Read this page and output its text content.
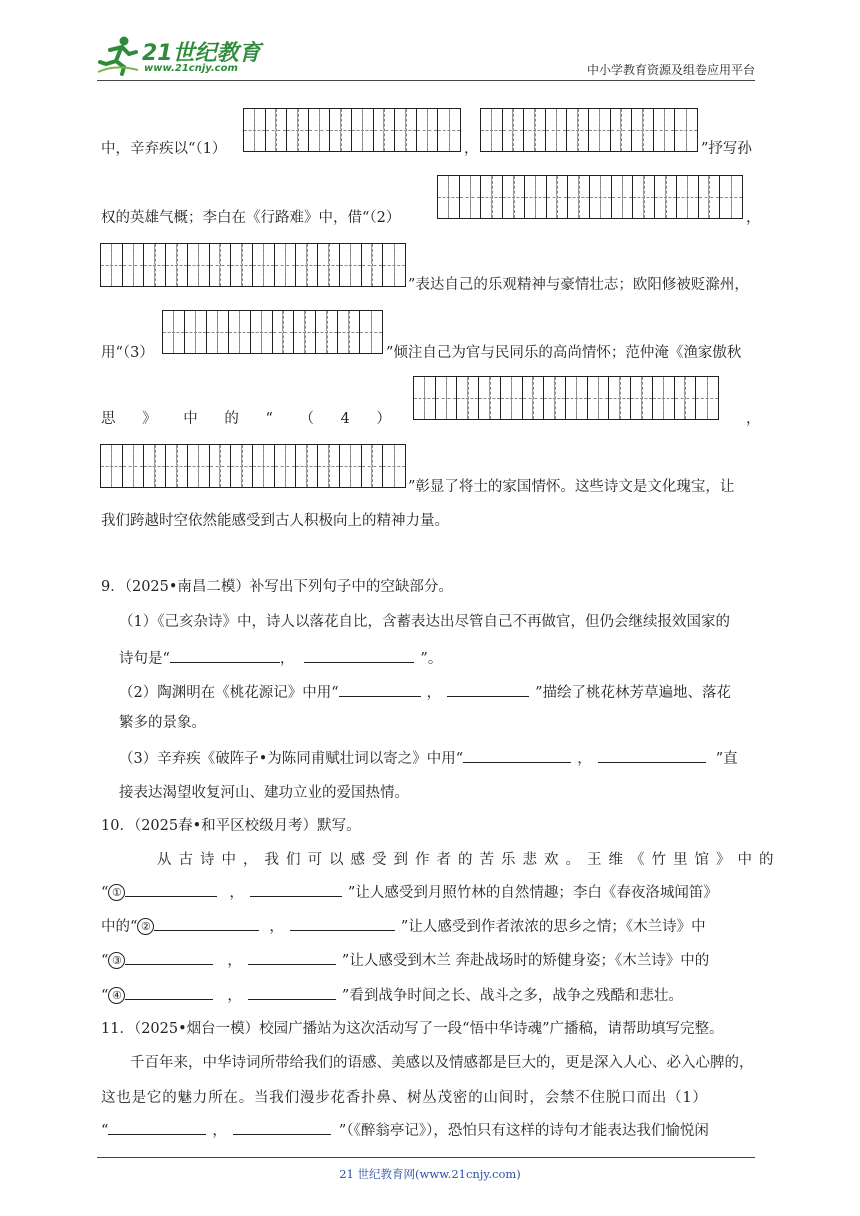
21世纪教育
www.21cnjy.com	中小学教育资源及组卷应用平台
中，辛弃疾以“（1）	，	”抒写孙
权的英雄气概；李白在《行路难》中，借“（2）	，
”表达自己的乐观精神与豪情壮志；欧阳修被贬滁州，
用“（3）	”倾注自己为官与民同乐的高尚情怀；范仲淹《渔家傲秋
思 》 中 的 “ （ 4 ）	，
”彰显了将士的家国情怀。这些诗文是文化瑰宝，让
我们跨越时空依然能感受到古人积极向上的精神力量。
9．（2025•南昌二模）补写出下列句子中的空缺部分。
（1）《己亥杂诗》中，诗人以落花自比，含蓄表达出尽管自己不再做官，但仍会继续报效国家的
诗句是“	，	”。
（2）陶渊明在《桃花源记》中用“	，	”描绘了桃花林芳草遍地、落花
繁多的景象。
（3）辛弃疾《破阵子•为陈同甫赋壮词以寄之》中用“	，	”直
接表达渴望收复河山、建功立业的爱国热情。
10．（2025春•和平区校级月考）默写。
从古诗中，我们可以感受到作者的苦乐悲欢。王维《竹里馆》中的
“ ①	，	”让人感受到月照竹林的自然情趣；李白《春夜洛城闻笛》
中的“ ②	，	”让人感受到作者浓浓的思乡之情；《木兰诗》中
“ ③	，	”让人感受到木兰 奔赴战场时的矫健身姿；《木兰诗》中的
“ ④	，	”看到战争时间之长、战斗之多，战争之残酷和悲壮。
11．（2025•烟台一模）校园广播站为这次活动写了一段“悟中华诗魂”广播稿，请帮助填写完整。
千百年来，中华诗词所带给我们的语感、美感以及情感都是巨大的，更是深入人心、必入心脾的，
这也是它的魅力所在。当我们漫步花香扑鼻、树丛茂密的山间时，会禁不住脱口而出（1）
“	，	”（《醉翁亭记》），恐怕只有这样的诗句才能表达我们愉悦闲
21 世纪教育网(www.21cnjy.com)
